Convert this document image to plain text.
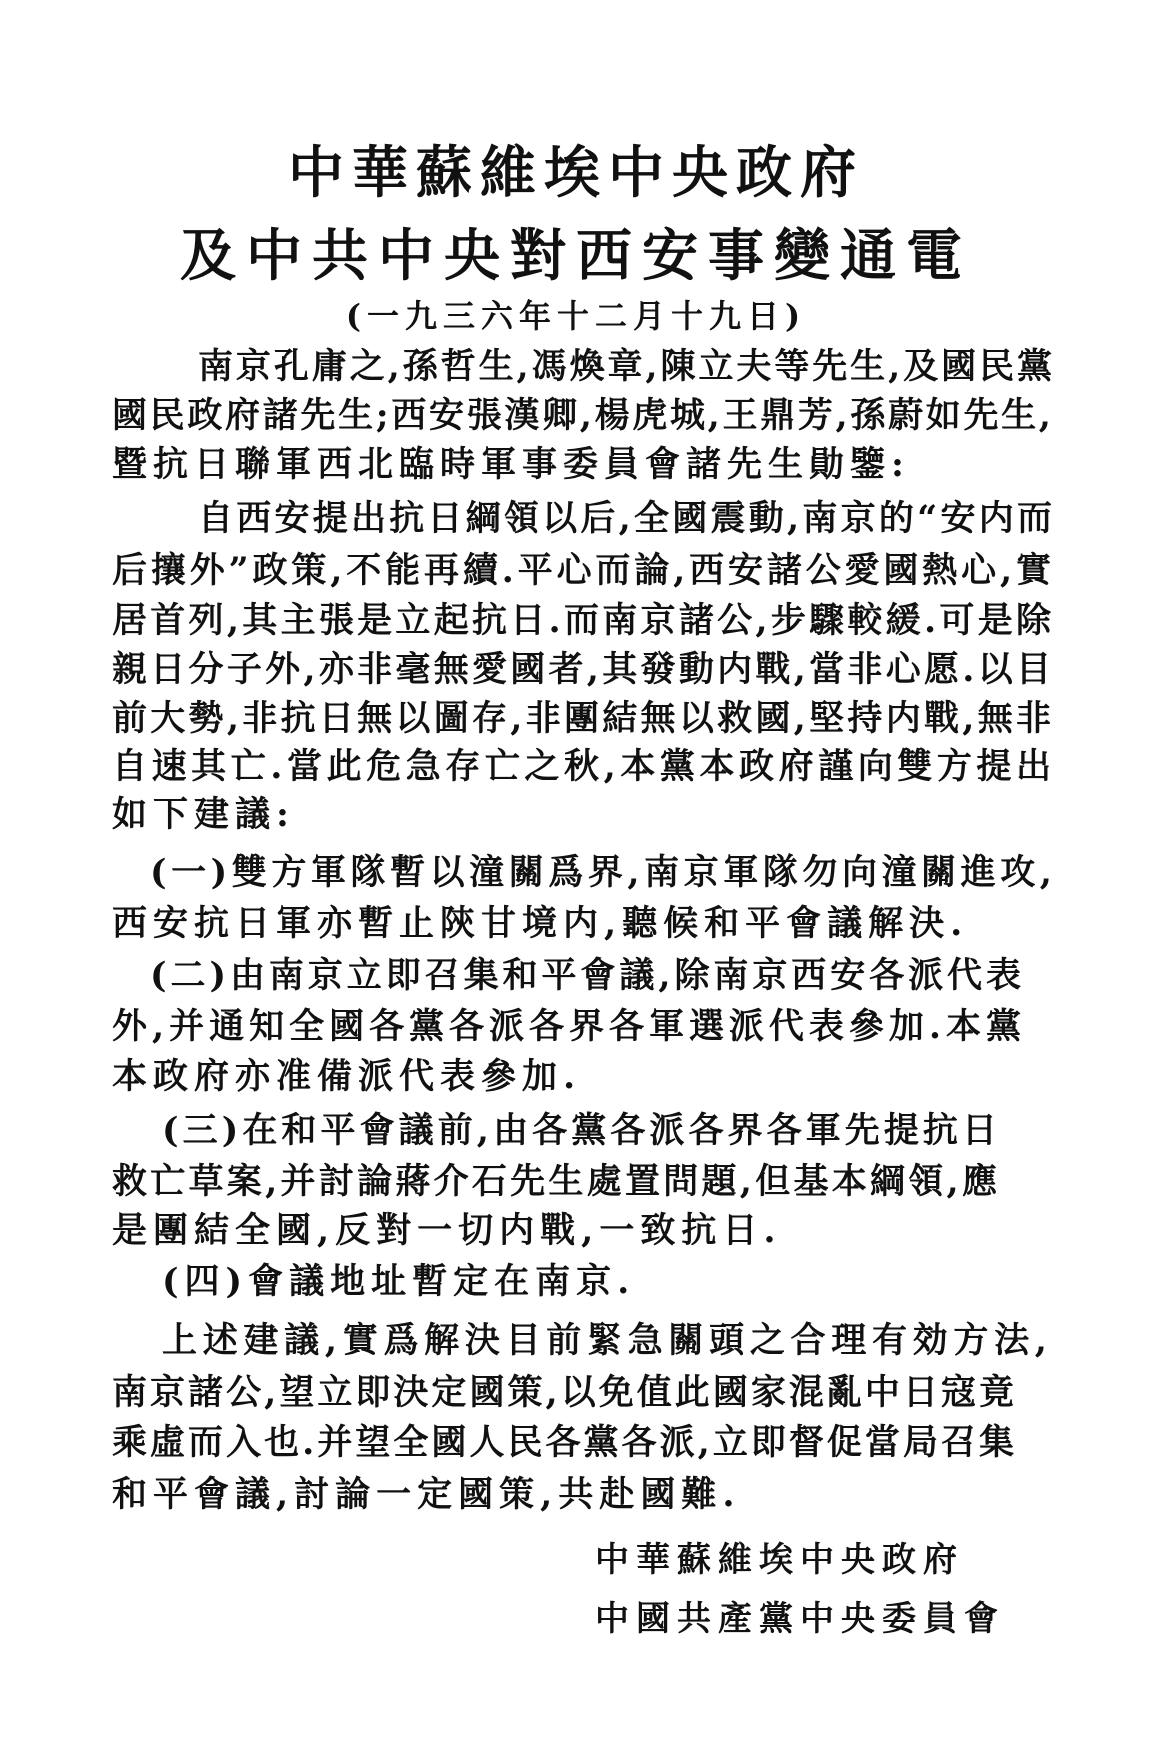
中華蘇維埃中央政府
及中共中央對西安事變通電
(一九三六年十二月十九日)
南京孔庸之,孫哲生,馮煥章,陳立夫等先生,及國民黨
國民政府諸先生;西安張漢卿,楊虎城,王鼎芳,孫蔚如先生,
暨抗日聯軍西北臨時軍事委員會諸先生勛鑒:
自西安提出抗日綱領以后,全國震動,南京的“安内而
后攘外”政策,不能再續.平心而論,西安諸公愛國熱心,實
居首列,其主張是立起抗日.而南京諸公,步驟較緩.可是除
親日分子外,亦非毫無愛國者,其發動内戰,當非心愿.以目
前大勢,非抗日無以圖存,非團結無以救國,堅持内戰,無非
自速其亡.當此危急存亡之秋,本黨本政府謹向雙方提出
如下建議:
(一)雙方軍隊暫以潼關爲界,南京軍隊勿向潼關進攻,
西安抗日軍亦暫止陝甘境内,聽候和平會議解決.
(二)由南京立即召集和平會議,除南京西安各派代表
外,并通知全國各黨各派各界各軍選派代表參加.本黨
本政府亦准備派代表參加.
(三)在和平會議前,由各黨各派各界各軍先提抗日
救亡草案,并討論蔣介石先生處置問題,但基本綱領,應
是團結全國,反對一切内戰,一致抗日.
(四)會議地址暫定在南京.
上述建議,實爲解決目前緊急關頭之合理有効方法,
南京諸公,望立即決定國策,以免值此國家混亂中日寇竟
乘虛而入也.并望全國人民各黨各派,立即督促當局召集
和平會議,討論一定國策,共赴國難.
中華蘇維埃中央政府
中國共產黨中央委員會
